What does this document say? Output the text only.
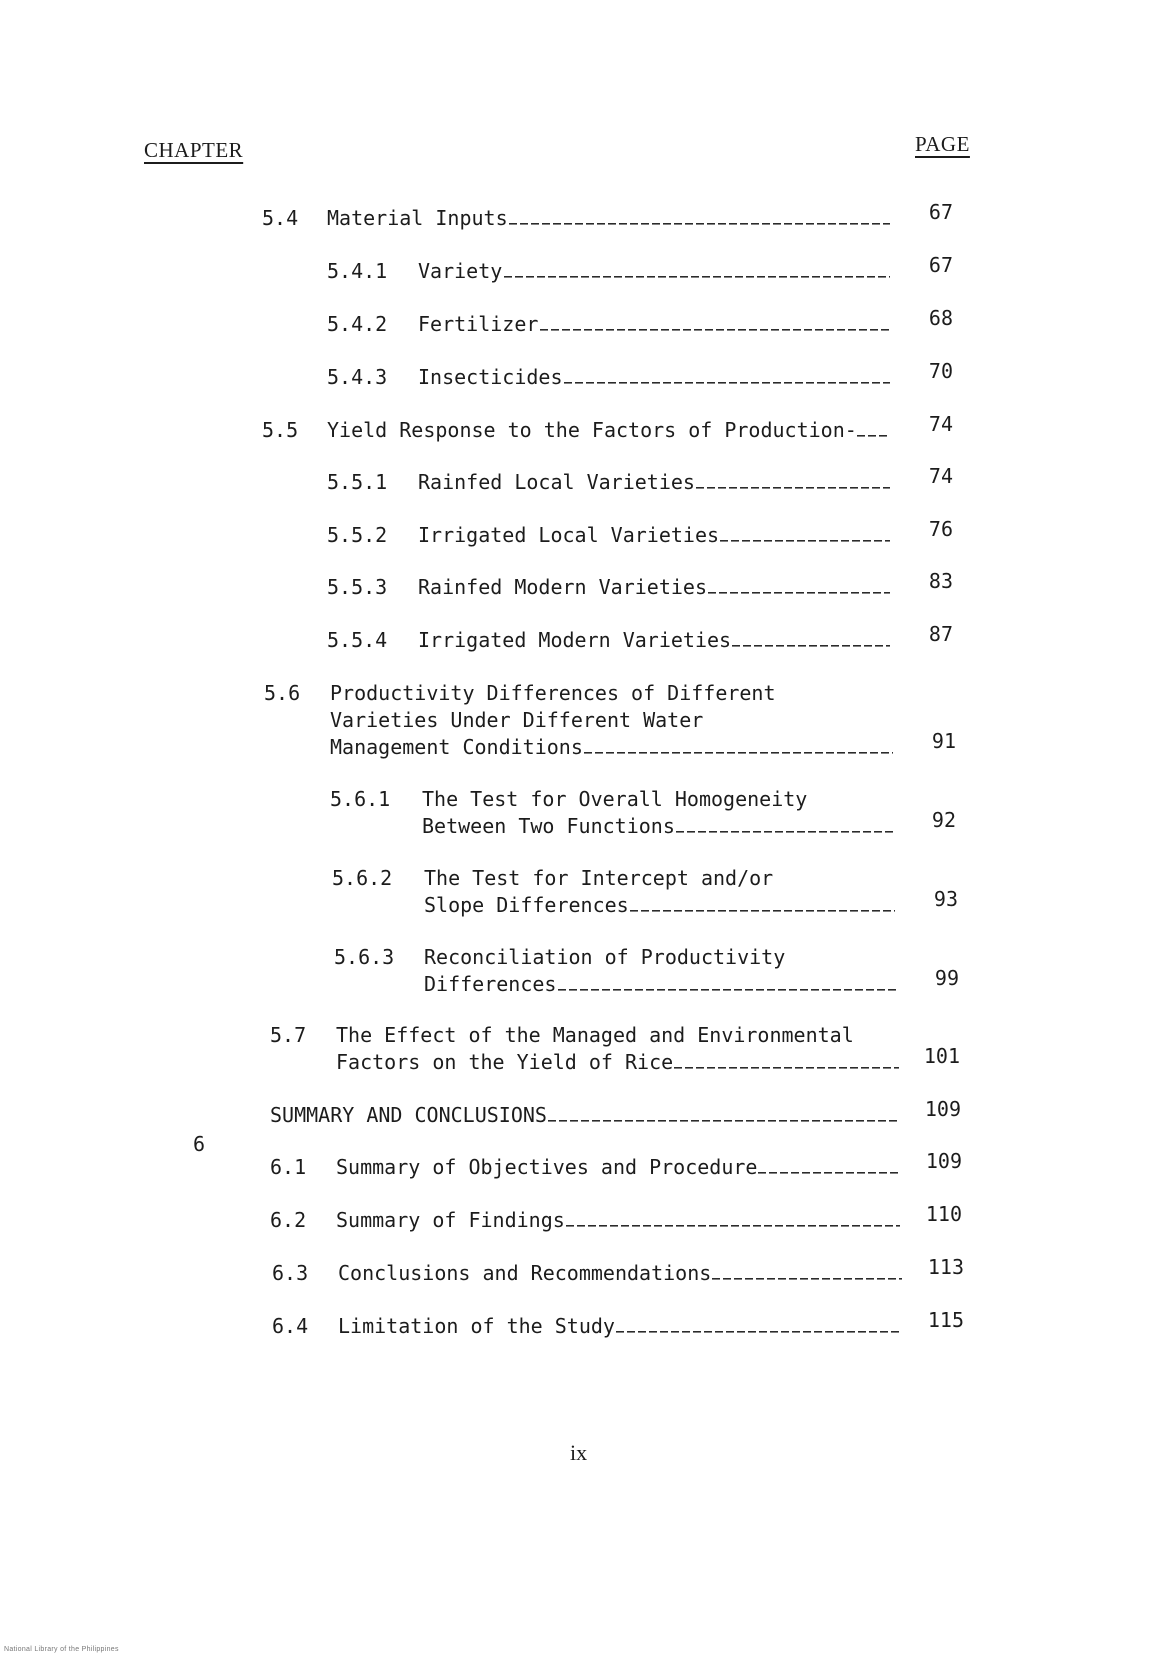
CHAPTER	PAGE
5.4 Material Inputs	67
5.4.1 Variety	67
5.4.2 Fertilizer	68
5.4.3 Insecticides	70
5.5 Yield Response to the Factors of Production-	74
5.5.1 Rainfed Local Varieties	74
5.5.2 Irrigated Local Varieties	76
5.5.3 Rainfed Modern Varieties	83
5.5.4 Irrigated Modern Varieties	87
5.6 Productivity Differences of Different
Varieties Under Different Water
Management Conditions	91
5.6.1 The Test for Overall Homogeneity
Between Two Functions	92
5.6.2 The Test for Intercept and/or
Slope Differences	93
5.6.3 Reconciliation of Productivity
Differences	99
5.7 The Effect of the Managed and Environmental
Factors on the Yield of Rice	101
6
SUMMARY AND CONCLUSIONS	109
6.1 Summary of Objectives and Procedure	109
6.2 Summary of Findings	110
6.3 Conclusions and Recommendations	113
6.4 Limitation of the Study	115
ix
National Library of the Philippines
